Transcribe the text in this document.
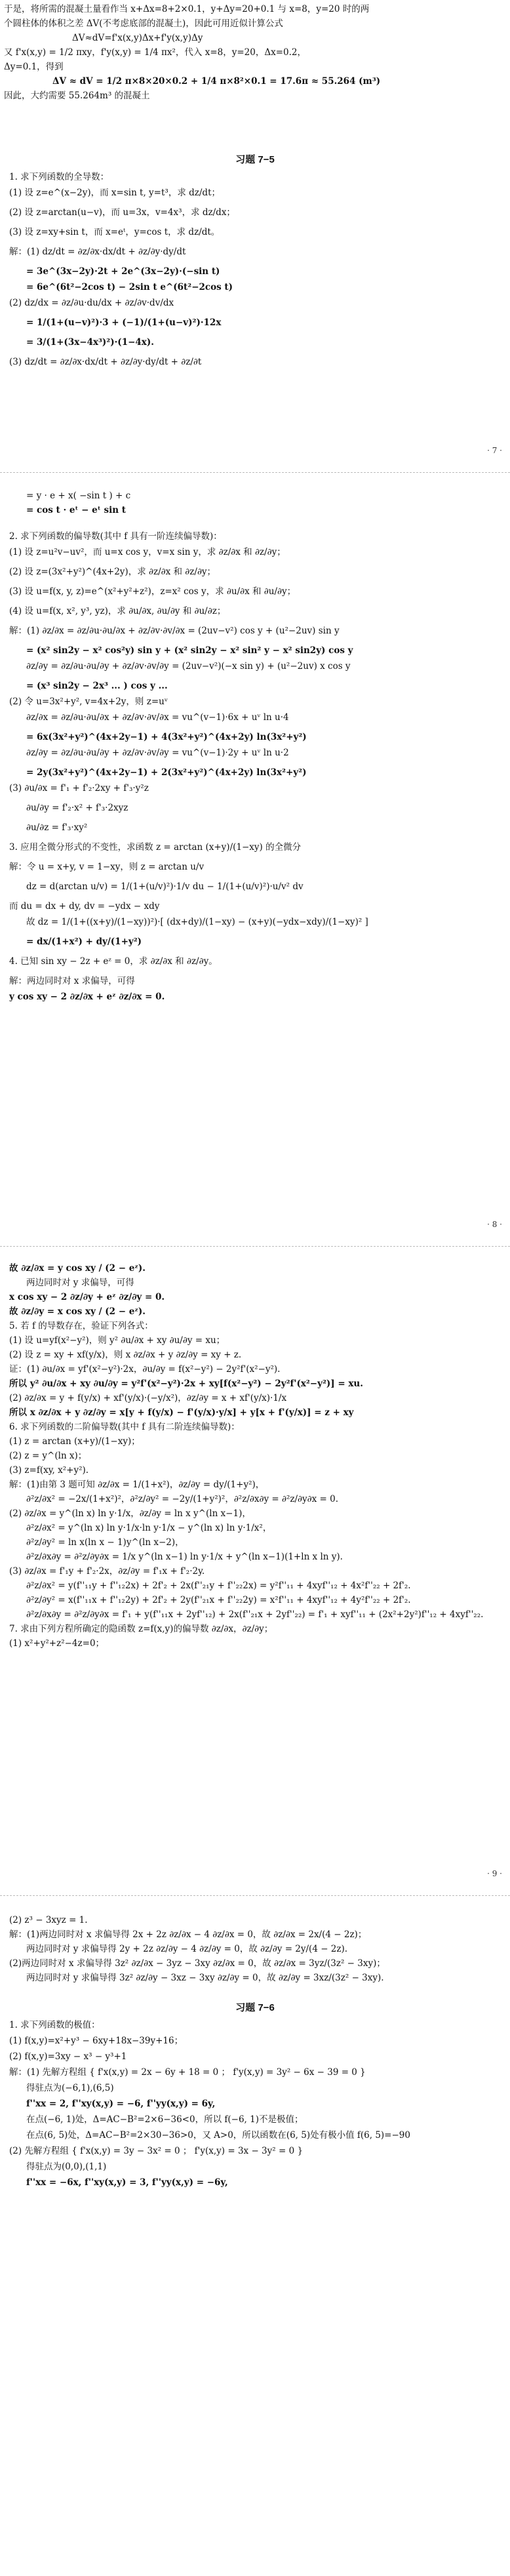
于是，将所需的混凝土量看作当 x+Δx=8+2×0.1，y+Δy=20+0.1 与 x=8，y=20 时的两
个圆柱体的体积之差 ΔV(不考虑底部的混凝土)，因此可用近似计算公式
ΔV≈dV=f'x(x,y)Δx+f'y(x,y)Δy
又 f'x(x,y) = 1/2 πxy，f'y(x,y) = 1/4 πx²，代入 x=8，y=20，Δx=0.2，
Δy=0.1，得到
ΔV ≈ dV = 1/2 π×8×20×0.2 + 1/4 π×8²×0.1 = 17.6π ≈ 55.264 (m³)
因此，大约需要 55.264m³ 的混凝土
习题 7−5
1. 求下列函数的全导数：
(1) 设 z=e^(x−2y)，而 x=sin t, y=t³，求 dz/dt；
(2) 设 z=arctan(u−v)，而 u=3x，v=4x³，求 dz/dx；
(3) 设 z=xy+sin t，而 x=eᵗ，y=cos t，求 dz/dt。
解：(1) dz/dt = ∂z/∂x·dx/dt + ∂z/∂y·dy/dt
= 3e^(3x−2y)·2t + 2e^(3x−2y)·(−sin t)
= 6e^(6t²−2cos t) − 2sin t e^(6t²−2cos t)
(2) dz/dx = ∂z/∂u·du/dx + ∂z/∂v·dv/dx
= 1/(1+(u−v)²)·3 + (−1)/(1+(u−v)²)·12x
= 3/(1+(3x−4x³)²)·(1−4x).
(3) dz/dt = ∂z/∂x·dx/dt + ∂z/∂y·dy/dt + ∂z/∂t
· 7 ·
= y · e + x( −sin t ) + c
= cos t · eᵗ − eᵗ sin t
2. 求下列函数的偏导数(其中 f 具有一阶连续偏导数)：
(1) 设 z=u²v−uv²，而 u=x cos y，v=x sin y，求 ∂z/∂x 和 ∂z/∂y；
(2) 设 z=(3x²+y²)^(4x+2y)，求 ∂z/∂x 和 ∂z/∂y；
(3) 设 u=f(x, y, z)=e^(x²+y²+z²)，z=x² cos y，求 ∂u/∂x 和 ∂u/∂y；
(4) 设 u=f(x, x², y³, yz)，求 ∂u/∂x, ∂u/∂y 和 ∂u/∂z；
解：(1) ∂z/∂x = ∂z/∂u·∂u/∂x + ∂z/∂v·∂v/∂x = (2uv−v²) cos y + (u²−2uv) sin y
= (x² sin2y − x² cos²y) sin y + (x² sin2y − x² sin² y − x² sin2y) cos y
∂z/∂y = ∂z/∂u·∂u/∂y + ∂z/∂v·∂v/∂y = (2uv−v²)(−x sin y) + (u²−2uv) x cos y
= (x³ sin2y − 2x³ ... ) cos y ...
(2) 令 u=3x²+y², v=4x+2y，则 z=uᵛ
∂z/∂x = ∂z/∂u·∂u/∂x + ∂z/∂v·∂v/∂x = vu^(v−1)·6x + uᵛ ln u·4
= 6x(3x²+y²)^(4x+2y−1) + 4(3x²+y²)^(4x+2y) ln(3x²+y²)
∂z/∂y = ∂z/∂u·∂u/∂y + ∂z/∂v·∂v/∂y = vu^(v−1)·2y + uᵛ ln u·2
= 2y(3x²+y²)^(4x+2y−1) + 2(3x²+y²)^(4x+2y) ln(3x²+y²)
(3) ∂u/∂x = f'₁ + f'₂·2xy + f'₃·y²z
∂u/∂y = f'₂·x² + f'₃·2xyz
∂u/∂z = f'₃·xy²
3. 应用全微分形式的不变性，求函数 z = arctan (x+y)/(1−xy) 的全微分
解：令 u = x+y, v = 1−xy，则 z = arctan u/v
dz = d(arctan u/v) = 1/(1+(u/v)²)·1/v du − 1/(1+(u/v)²)·u/v² dv
而 du = dx + dy, dv = −ydx − xdy
故 dz = 1/(1+((x+y)/(1−xy))²)·[ (dx+dy)/(1−xy) − (x+y)(−ydx−xdy)/(1−xy)² ]
= dx/(1+x²) + dy/(1+y²)
4. 已知 sin xy − 2z + eᶻ = 0，求 ∂z/∂x 和 ∂z/∂y。
解：两边同时对 x 求偏导，可得
y cos xy − 2 ∂z/∂x + eᶻ ∂z/∂x = 0.
· 8 ·
故 ∂z/∂x = y cos xy / (2 − eᶻ).
两边同时对 y 求偏导，可得
x cos xy − 2 ∂z/∂y + eᶻ ∂z/∂y = 0.
故 ∂z/∂y = x cos xy / (2 − eᶻ).
5. 若 f 的导数存在，验证下列各式：
(1) 设 u=yf(x²−y²)，则 y² ∂u/∂x + xy ∂u/∂y = xu；
(2) 设 z = xy + xf(y/x)，则 x ∂z/∂x + y ∂z/∂y = xy + z.
证：(1) ∂u/∂x = yf'(x²−y²)·2x，∂u/∂y = f(x²−y²) − 2y²f'(x²−y²).
所以 y² ∂u/∂x + xy ∂u/∂y = y²f'(x²−y²)·2x + xy[f(x²−y²) − 2y²f'(x²−y²)] = xu.
(2) ∂z/∂x = y + f(y/x) + xf'(y/x)·(−y/x²)，∂z/∂y = x + xf'(y/x)·1/x
所以 x ∂z/∂x + y ∂z/∂y = x[y + f(y/x) − f'(y/x)·y/x] + y[x + f'(y/x)] = z + xy
6. 求下列函数的二阶偏导数(其中 f 具有二阶连续偏导数)：
(1) z = arctan (x+y)/(1−xy)；
(2) z = y^(ln x)；
(3) z=f(xy, x²+y²).
解：(1)由第 3 题可知 ∂z/∂x = 1/(1+x²)，∂z/∂y = dy/(1+y²)，
∂²z/∂x² = −2x/(1+x²)²，∂²z/∂y² = −2y/(1+y²)²，∂²z/∂x∂y = ∂²z/∂y∂x = 0.
(2) ∂z/∂x = y^(ln x) ln y·1/x，∂z/∂y = ln x y^(ln x−1)，
∂²z/∂x² = y^(ln x) ln y·1/x·ln y·1/x − y^(ln x) ln y·1/x²，
∂²z/∂y² = ln x(ln x − 1)y^(ln x−2)，
∂²z/∂x∂y = ∂²z/∂y∂x = 1/x y^(ln x−1) ln y·1/x + y^(ln x−1)(1+ln x ln y).
(3) ∂z/∂x = f'₁y + f'₂·2x，∂z/∂y = f'₁x + f'₂·2y.
∂²z/∂x² = y(f''₁₁y + f''₁₂2x) + 2f'₂ + 2x(f''₂₁y + f''₂₂2x) = y²f''₁₁ + 4xyf''₁₂ + 4x²f''₂₂ + 2f'₂.
∂²z/∂y² = x(f''₁₁x + f''₁₂2y) + 2f'₂ + 2y(f''₂₁x + f''₂₂2y) = x²f''₁₁ + 4xyf''₁₂ + 4y²f''₂₂ + 2f'₂.
∂²z/∂x∂y = ∂²z/∂y∂x = f'₁ + y(f''₁₁x + 2yf''₁₂) + 2x(f''₂₁x + 2yf''₂₂) = f'₁ + xyf''₁₁ + (2x²+2y²)f''₁₂ + 4xyf''₂₂.
7. 求由下列方程所确定的隐函数 z=f(x,y)的偏导数 ∂z/∂x，∂z/∂y；
(1) x²+y²+z²−4z=0；
· 9 ·
(2) z³ − 3xyz = 1.
解：(1)两边同时对 x 求偏导得 2x + 2z ∂z/∂x − 4 ∂z/∂x = 0，故 ∂z/∂x = 2x/(4 − 2z)；
两边同时对 y 求偏导得 2y + 2z ∂z/∂y − 4 ∂z/∂y = 0，故 ∂z/∂y = 2y/(4 − 2z).
(2)两边同时对 x 求偏导得 3z² ∂z/∂x − 3yz − 3xy ∂z/∂x = 0，故 ∂z/∂x = 3yz/(3z² − 3xy)；
两边同时对 y 求偏导得 3z² ∂z/∂y − 3xz − 3xy ∂z/∂y = 0，故 ∂z/∂y = 3xz/(3z² − 3xy).
习题 7−6
1. 求下列函数的极值：
(1) f(x,y)=x²+y³ − 6xy+18x−39y+16；
(2) f(x,y)=3xy − x³ − y³+1
解：(1) 先解方程组 { f'x(x,y) = 2x − 6y + 18 = 0 ； f'y(x,y) = 3y² − 6x − 39 = 0 }
得驻点为(−6,1),(6,5)
f''xx = 2, f''xy(x,y) = −6, f''yy(x,y) = 6y,
在点(−6, 1)处，Δ=AC−B²=2×6−36<0，所以 f(−6, 1)不是极值；
在点(6, 5)处，Δ=AC−B²=2×30−36>0，又 A>0，所以函数在(6, 5)处有极小值 f(6, 5)=−90
(2) 先解方程组 { f'x(x,y) = 3y − 3x² = 0 ； f'y(x,y) = 3x − 3y² = 0 }
得驻点为(0,0),(1,1)
f''xx = −6x, f''xy(x,y) = 3, f''yy(x,y) = −6y,
